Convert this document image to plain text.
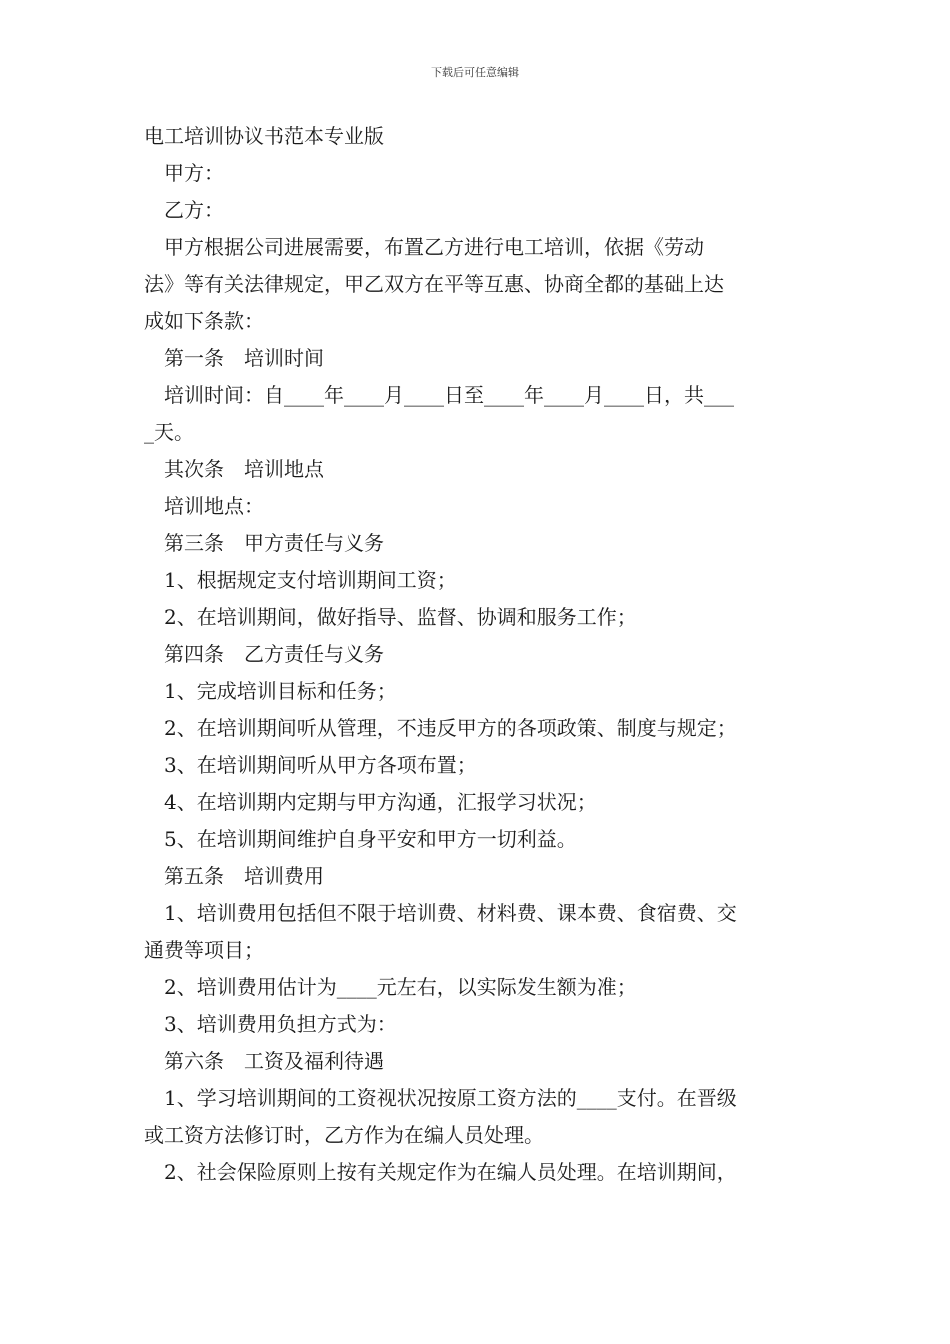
下载后可任意编辑

电工培训协议书范本专业版

甲方：

乙方：

甲方根据公司进展需要，布置乙方进行电工培训，依据《劳动

法》等有关法律规定，甲乙双方在平等互惠、协商全都的基础上达

成如下条款：

第一条　培训时间

培训时间：自____年____月____日至____年____月____日，共___

_天。

其次条　培训地点

培训地点：

第三条　甲方责任与义务

1、根据规定支付培训期间工资；

2、在培训期间，做好指导、监督、协调和服务工作；

第四条　乙方责任与义务

1、完成培训目标和任务；

2、在培训期间听从管理，不违反甲方的各项政策、制度与规定；

3、在培训期间听从甲方各项布置；

4、在培训期内定期与甲方沟通，汇报学习状况；

5、在培训期间维护自身平安和甲方一切利益。

第五条　培训费用

1、培训费用包括但不限于培训费、材料费、课本费、食宿费、交

通费等项目；

2、培训费用估计为____元左右，以实际发生额为准；

3、培训费用负担方式为：

第六条　工资及福利待遇

1、学习培训期间的工资视状况按原工资方法的____支付。在晋级

或工资方法修订时，乙方作为在编人员处理。

2、社会保险原则上按有关规定作为在编人员处理。在培训期间，
